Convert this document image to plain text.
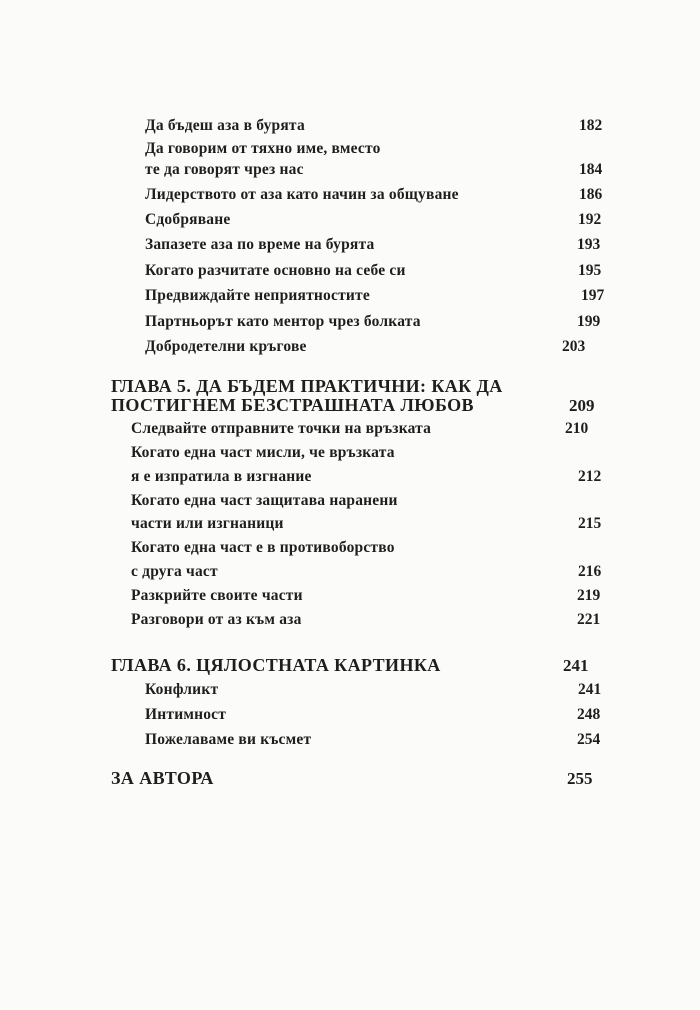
Да бъдеш аза в бурята	182
Да говорим от тяхно име, вместо
те да говорят чрез нас	184
Лидерството от аза като начин за общуване	186
Сдобряване	192
Запазете аза по време на бурята	193
Когато разчитате основно на себе си	195
Предвиждайте неприятностите	197
Партньорът като ментор чрез болката	199
Добродетелни кръгове	203
ГЛАВА 5. ДА БЪДЕМ ПРАКТИЧНИ: КАК ДА
ПОСТИГНЕМ БЕЗСТРАШНАТА ЛЮБОВ	209
Следвайте отправните точки на връзката	210
Когато една част мисли, че връзката
я е изпратила в изгнание	212
Когато една част защитава наранени
части или изгнаници	215
Когато една част е в противоборство
с друга част	216
Разкрийте своите части	219
Разговори от аз към аза	221
ГЛАВА 6. ЦЯЛОСТНАТА КАРТИНКА	241
Конфликт	241
Интимност	248
Пожелаваме ви късмет	254
ЗА АВТОРА	255
